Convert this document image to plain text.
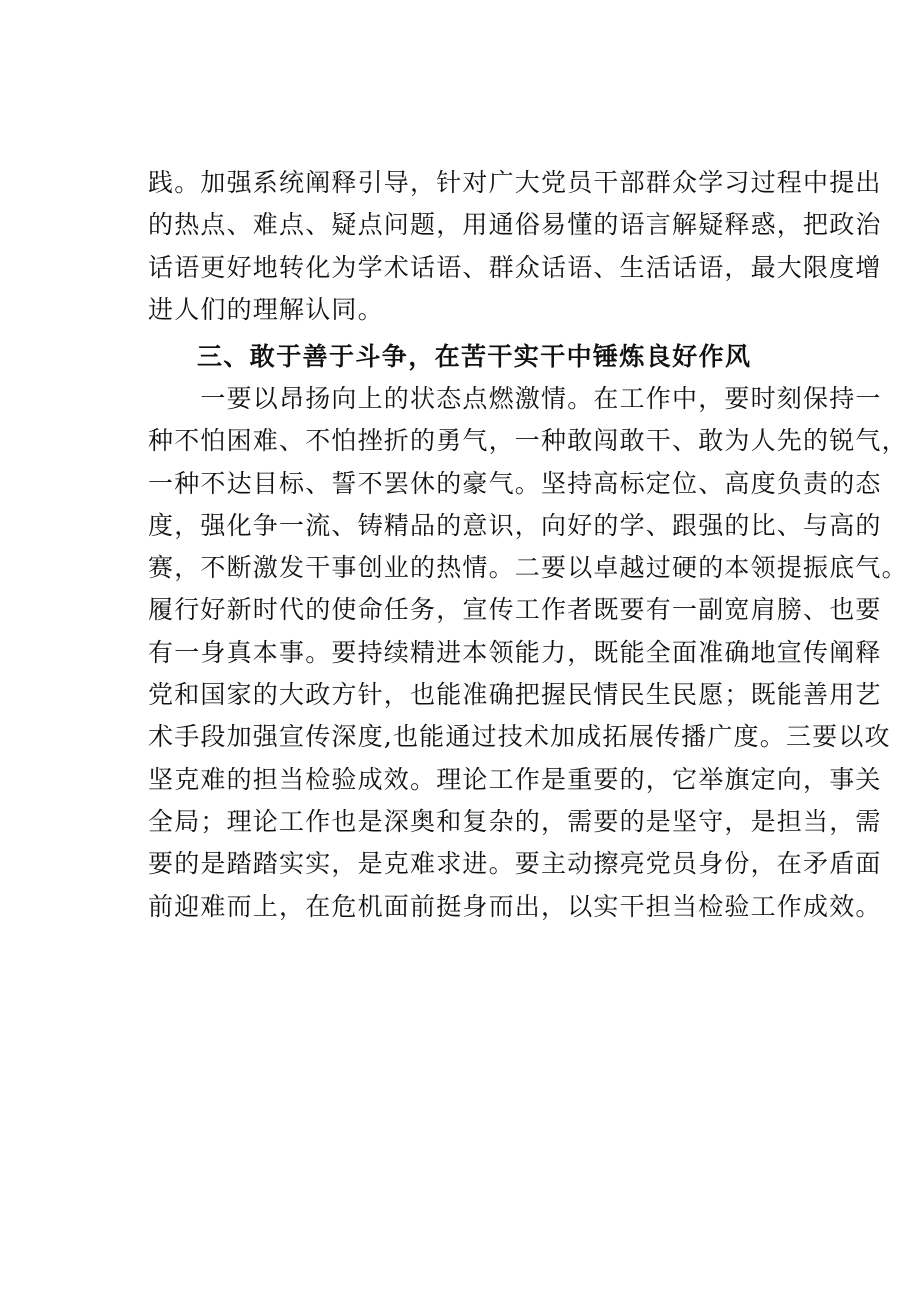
践。加强系统阐释引导，针对广大党员干部群众学习过程中提出
的热点、难点、疑点问题，用通俗易懂的语言解疑释惑，把政治
话语更好地转化为学术话语、群众话语、生活话语，最大限度增
进人们的理解认同。
三、敢于善于斗争，在苦干实干中锤炼良好作风
　　一要以昂扬向上的状态点燃激情。在工作中，要时刻保持一
种不怕困难、不怕挫折的勇气，一种敢闯敢干、敢为人先的锐气，
一种不达目标、誓不罢休的豪气。坚持高标定位、高度负责的态
度，强化争一流、铸精品的意识，向好的学、跟强的比、与高的
赛，不断激发干事创业的热情。二要以卓越过硬的本领提振底气。
履行好新时代的使命任务，宣传工作者既要有一副宽肩膀、也要
有一身真本事。要持续精进本领能力，既能全面准确地宣传阐释
党和国家的大政方针，也能准确把握民情民生民愿；既能善用艺
术手段加强宣传深度,也能通过技术加成拓展传播广度。三要以攻
坚克难的担当检验成效。理论工作是重要的，它举旗定向，事关
全局；理论工作也是深奥和复杂的，需要的是坚守，是担当，需
要的是踏踏实实，是克难求进。要主动擦亮党员身份，在矛盾面
前迎难而上，在危机面前挺身而出，以实干担当检验工作成效。
